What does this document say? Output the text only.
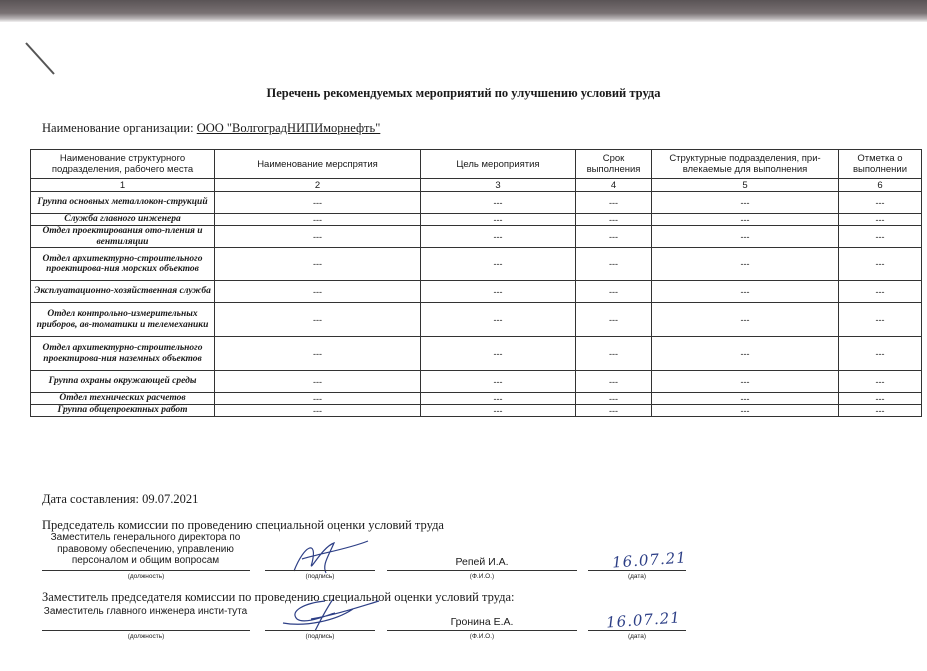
Перечень рекомендуемых мероприятий по улучшению условий труда
Наименование организации: ООО "ВолгоградНИПИморнефть"
Наименование структурного подразделения, рабочего места	Наименование мерспрятия	Цель мероприятия	Срок выполнения	Структурные подразделения, при-влекаемые для выполнения	Отметка о выполнении
1	2	3	4	5	6
Группа основных металлокон-струкций	---	---	---	---	---
Служба главного инженера	---	---	---	---	---
Отдел проектирования ото-пления и вентиляции	---	---	---	---	---
Отдел архитектурно-строительного проектирова-ния морских объектов	---	---	---	---	---
Эксплуатационно-хозяйственная служба	---	---	---	---	---
Отдел контрольно-измерительных приборов, ав-томатики и телемеханики	---	---	---	---	---
Отдел архитектурно-строительного проектирова-ния наземных объектов	---	---	---	---	---
Группа охраны окружающей среды	---	---	---	---	---
Отдел технических расчетов	---	---	---	---	---
Группа общепроектных работ	---	---	---	---	---
Дата составления: 09.07.2021
Председатель комиссии по проведению специальной оценки условий труда
Заместитель генерального директора по правовому обеспечению, управлению персоналом и общим вопросам
(должность)	(подпись)
Репей И.А.
(Ф.И.О.)
16.07.21
(дата)
Заместитель председателя комиссии по проведению специальной оценки условий труда:
Заместитель главного инженера инсти-тута
(должность)	(подпись)
Гронина Е.А.
(Ф.И.О.)
16.07.21
(дата)
